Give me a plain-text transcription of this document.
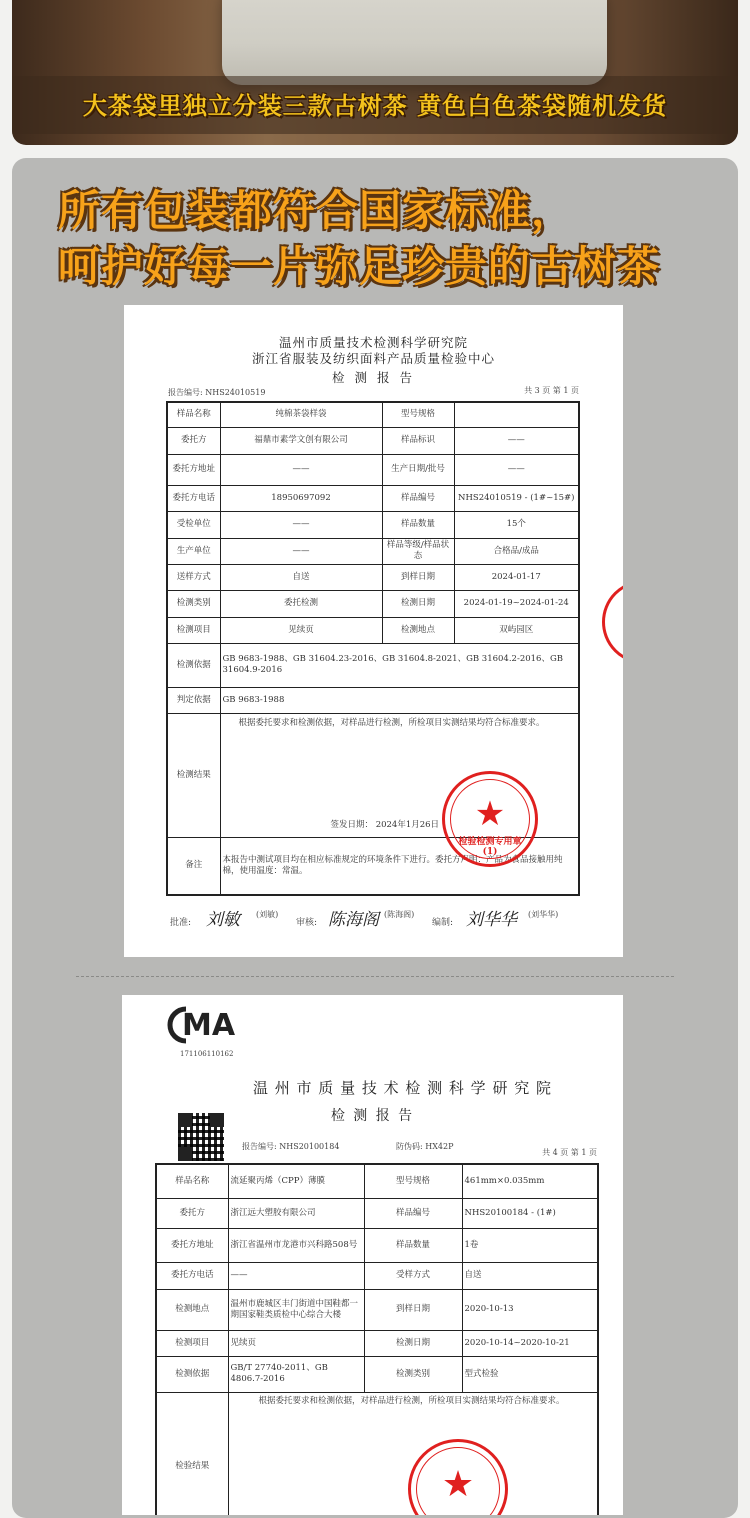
大茶袋里独立分装三款古树茶 黄色白色茶袋随机发货
所有包装都符合国家标准，
呵护好每一片弥足珍贵的古树茶
温州市质量技术检测科学研究院
浙江省服装及纺织面料产品质量检验中心
检 测 报 告
报告编号: NHS24010519	共 3 页 第 1 页
样品名称	纯棉茶袋样袋	型号规格	
委托方	福鼎市素学文创有限公司	样品标识	——
委托方地址	——	生产日期/批号	——
委托方电话	18950697092	样品编号	NHS24010519 - (1#~15#)
受检单位	——	样品数量	15个
生产单位	——	样品等级/样品状态	合格品/成品
送样方式	自送	到样日期	2024-01-17
检测类别	委托检测	检测日期	2024-01-19~2024-01-24
检测项目	见续页	检测地点	双屿园区
检测依据	GB 9683-1988、GB 31604.23-2016、GB 31604.8-2021、GB 31604.2-2016、GB 31604.9-2016		
判定依据	GB 9683-1988		
检测结果	根据委托要求和检测依据，对样品进行检测，所检项目实测结果均符合标准要求。
签发日期： 2024年1月26日		

备注	本报告中测试项目均在相应标准规定的环境条件下进行。委托方声明：产品为食品接触用纯棉，使用温度：常温。		
★
检验检测专用章
(1)
批准: 刘敏 (刘敏)
审核: 陈海阁 (陈海阁)
编制: 刘华华 (刘华华)
MA
171106110162
温 州 市 质 量 技 术 检 测 科 学 研 究 院
检 测 报 告
报告编号: NHS20100184	防伪码: HX42P
共 4 页 第 1 页
样品名称	流延聚丙烯（CPP）薄膜	型号规格	461mm×0.035mm
委托方	浙江远大塑胶有限公司	样品编号	NHS20100184 - (1#)
委托方地址	浙江省温州市龙港市兴科路508号	样品数量	1卷
委托方电话	——	受样方式	自送
检测地点	温州市鹿城区丰门街道中国鞋都一期国家鞋类质检中心综合大楼	到样日期	2020-10-13
检测项目	见续页	检测日期	2020-10-14~2020-10-21
检测依据	GB/T 27740-2011、GB 4806.7-2016	检测类别	型式检验
检验结果	根据委托要求和检测依据，对样品进行检测，所检项目实测结果均符合标准要求。		
★
